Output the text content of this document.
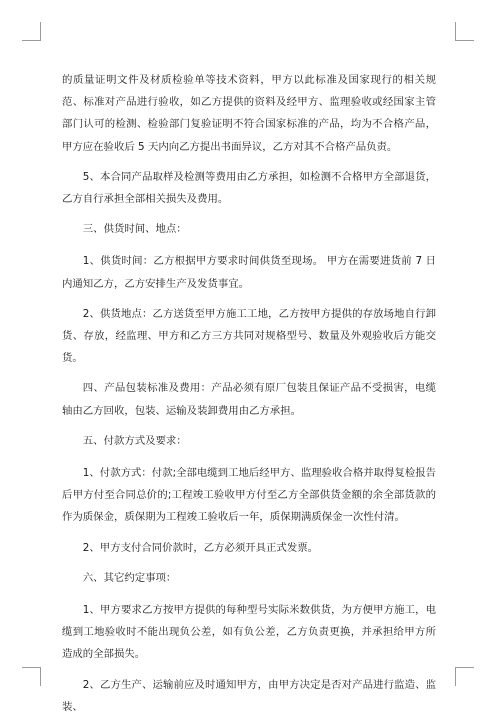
的质量证明文件及材质检验单等技术资料，甲方以此标准及国家现行的相关规范、标准对产品进行验收，如乙方提供的资料及经甲方、监理验收或经国家主管部门认可的检测、检验部门复验证明不符合国家标准的产品，均为不合格产品，甲方应在验收后 5 天内向乙方提出书面异议，乙方对其不合格产品负责。

5、本合同产品取样及检测等费用由乙方承担，如检测不合格甲方全部退货，乙方自行承担全部相关损失及费用。

三、供货时间、地点：

1、供货时间：乙方根据甲方要求时间供货至现场。 甲方在需要进货前 7 日内通知乙方，乙方安排生产及发货事宜。

2、供货地点：乙方送货至甲方施工工地，乙方按甲方提供的存放场地自行卸货、存放，经监理、甲方和乙方三方共同对规格型号、数量及外观验收后方能交货。

四、产品包装标准及费用：产品必须有原厂包装且保证产品不受损害，电缆轴由乙方回收，包装、运输及装卸费用由乙方承担。

五、付款方式及要求：

1、付款方式：付款;全部电缆到工地后经甲方、监理验收合格并取得复检报告后甲方付至合同总价的;工程竣工验收甲方付至乙方全部供货金额的余全部货款的作为质保金，质保期为工程竣工验收后一年，质保期满质保金一次性付清。

2、甲方支付合同价款时，乙方必须开具正式发票。

六、其它约定事项：

1、甲方要求乙方按甲方提供的每种型号实际米数供货，为方便甲方施工，电缆到工地验收时不能出现负公差，如有负公差，乙方负责更换，并承担给甲方所造成的全部损失。

2、乙方生产、运输前应及时通知甲方，由甲方决定是否对产品进行监造、监装、
